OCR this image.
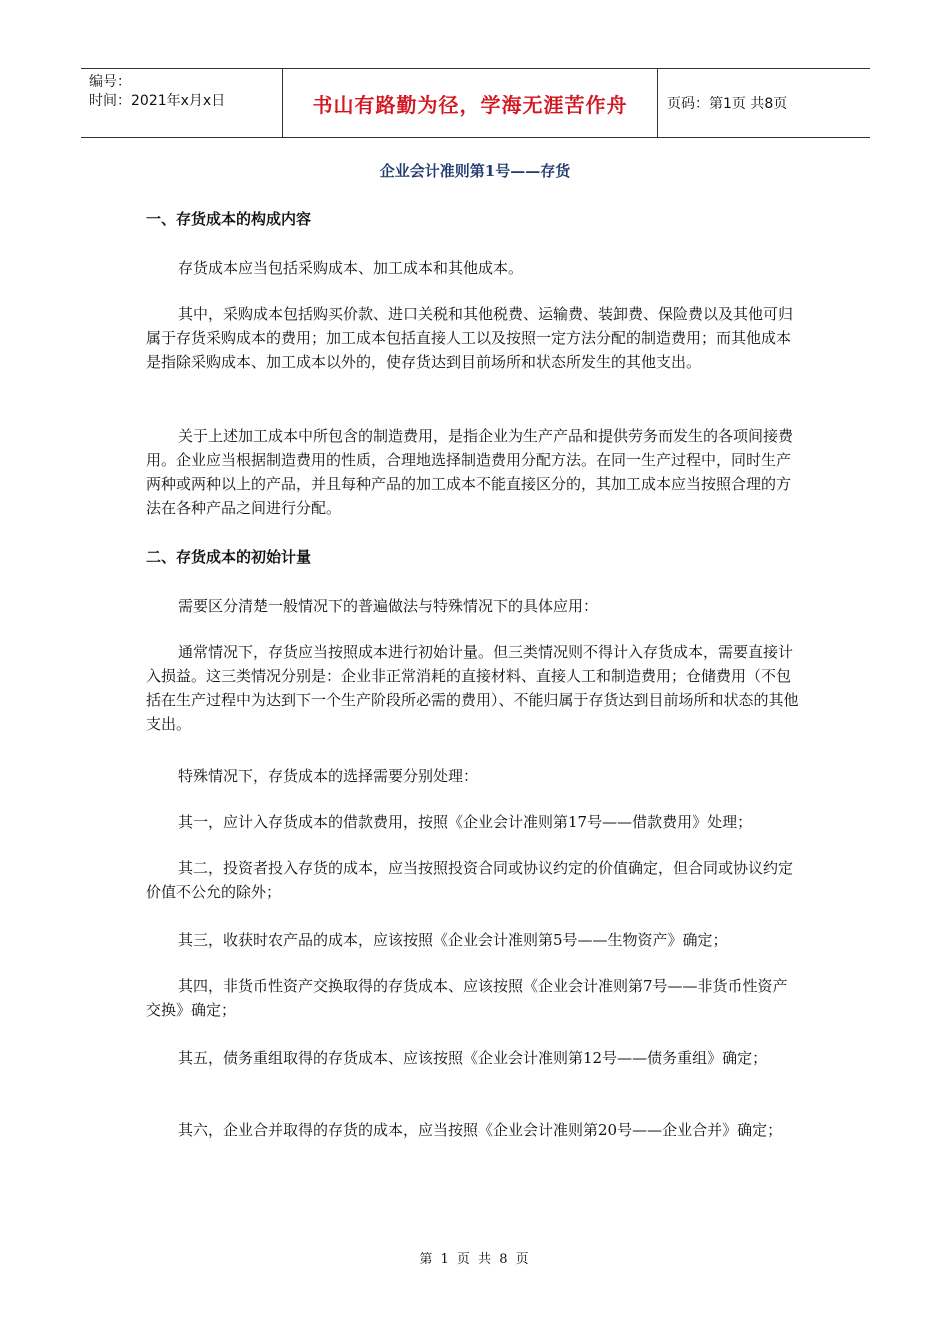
编号：
时间：2021年x月x日	书山有路勤为径，学海无涯苦作舟	页码：第1页 共8页
企业会计准则第1号——存货
一、存货成本的构成内容
存货成本应当包括采购成本、加工成本和其他成本。
其中，采购成本包括购买价款、进口关税和其他税费、运输费、装卸费、保险费以及其他可归属于存货采购成本的费用；加工成本包括直接人工以及按照一定方法分配的制造费用；而其他成本是指除采购成本、加工成本以外的，使存货达到目前场所和状态所发生的其他支出。
关于上述加工成本中所包含的制造费用，是指企业为生产产品和提供劳务而发生的各项间接费用。企业应当根据制造费用的性质，合理地选择制造费用分配方法。在同一生产过程中，同时生产两种或两种以上的产品，并且每种产品的加工成本不能直接区分的，其加工成本应当按照合理的方法在各种产品之间进行分配。
二、存货成本的初始计量
需要区分清楚一般情况下的普遍做法与特殊情况下的具体应用：
通常情况下，存货应当按照成本进行初始计量。但三类情况则不得计入存货成本，需要直接计入损益。这三类情况分别是：企业非正常消耗的直接材料、直接人工和制造费用；仓储费用（不包括在生产过程中为达到下一个生产阶段所必需的费用）、不能归属于存货达到目前场所和状态的其他支出。
特殊情况下，存货成本的选择需要分别处理：
其一，应计入存货成本的借款费用，按照《企业会计准则第17号——借款费用》处理；
其二，投资者投入存货的成本，应当按照投资合同或协议约定的价值确定，但合同或协议约定价值不公允的除外；
其三，收获时农产品的成本，应该按照《企业会计准则第5号——生物资产》确定；
其四，非货币性资产交换取得的存货成本、应该按照《企业会计准则第7号——非货币性资产交换》确定；
其五，债务重组取得的存货成本、应该按照《企业会计准则第12号——债务重组》确定；
其六，企业合并取得的存货的成本，应当按照《企业会计准则第20号——企业合并》确定；
第 1 页 共 8 页
